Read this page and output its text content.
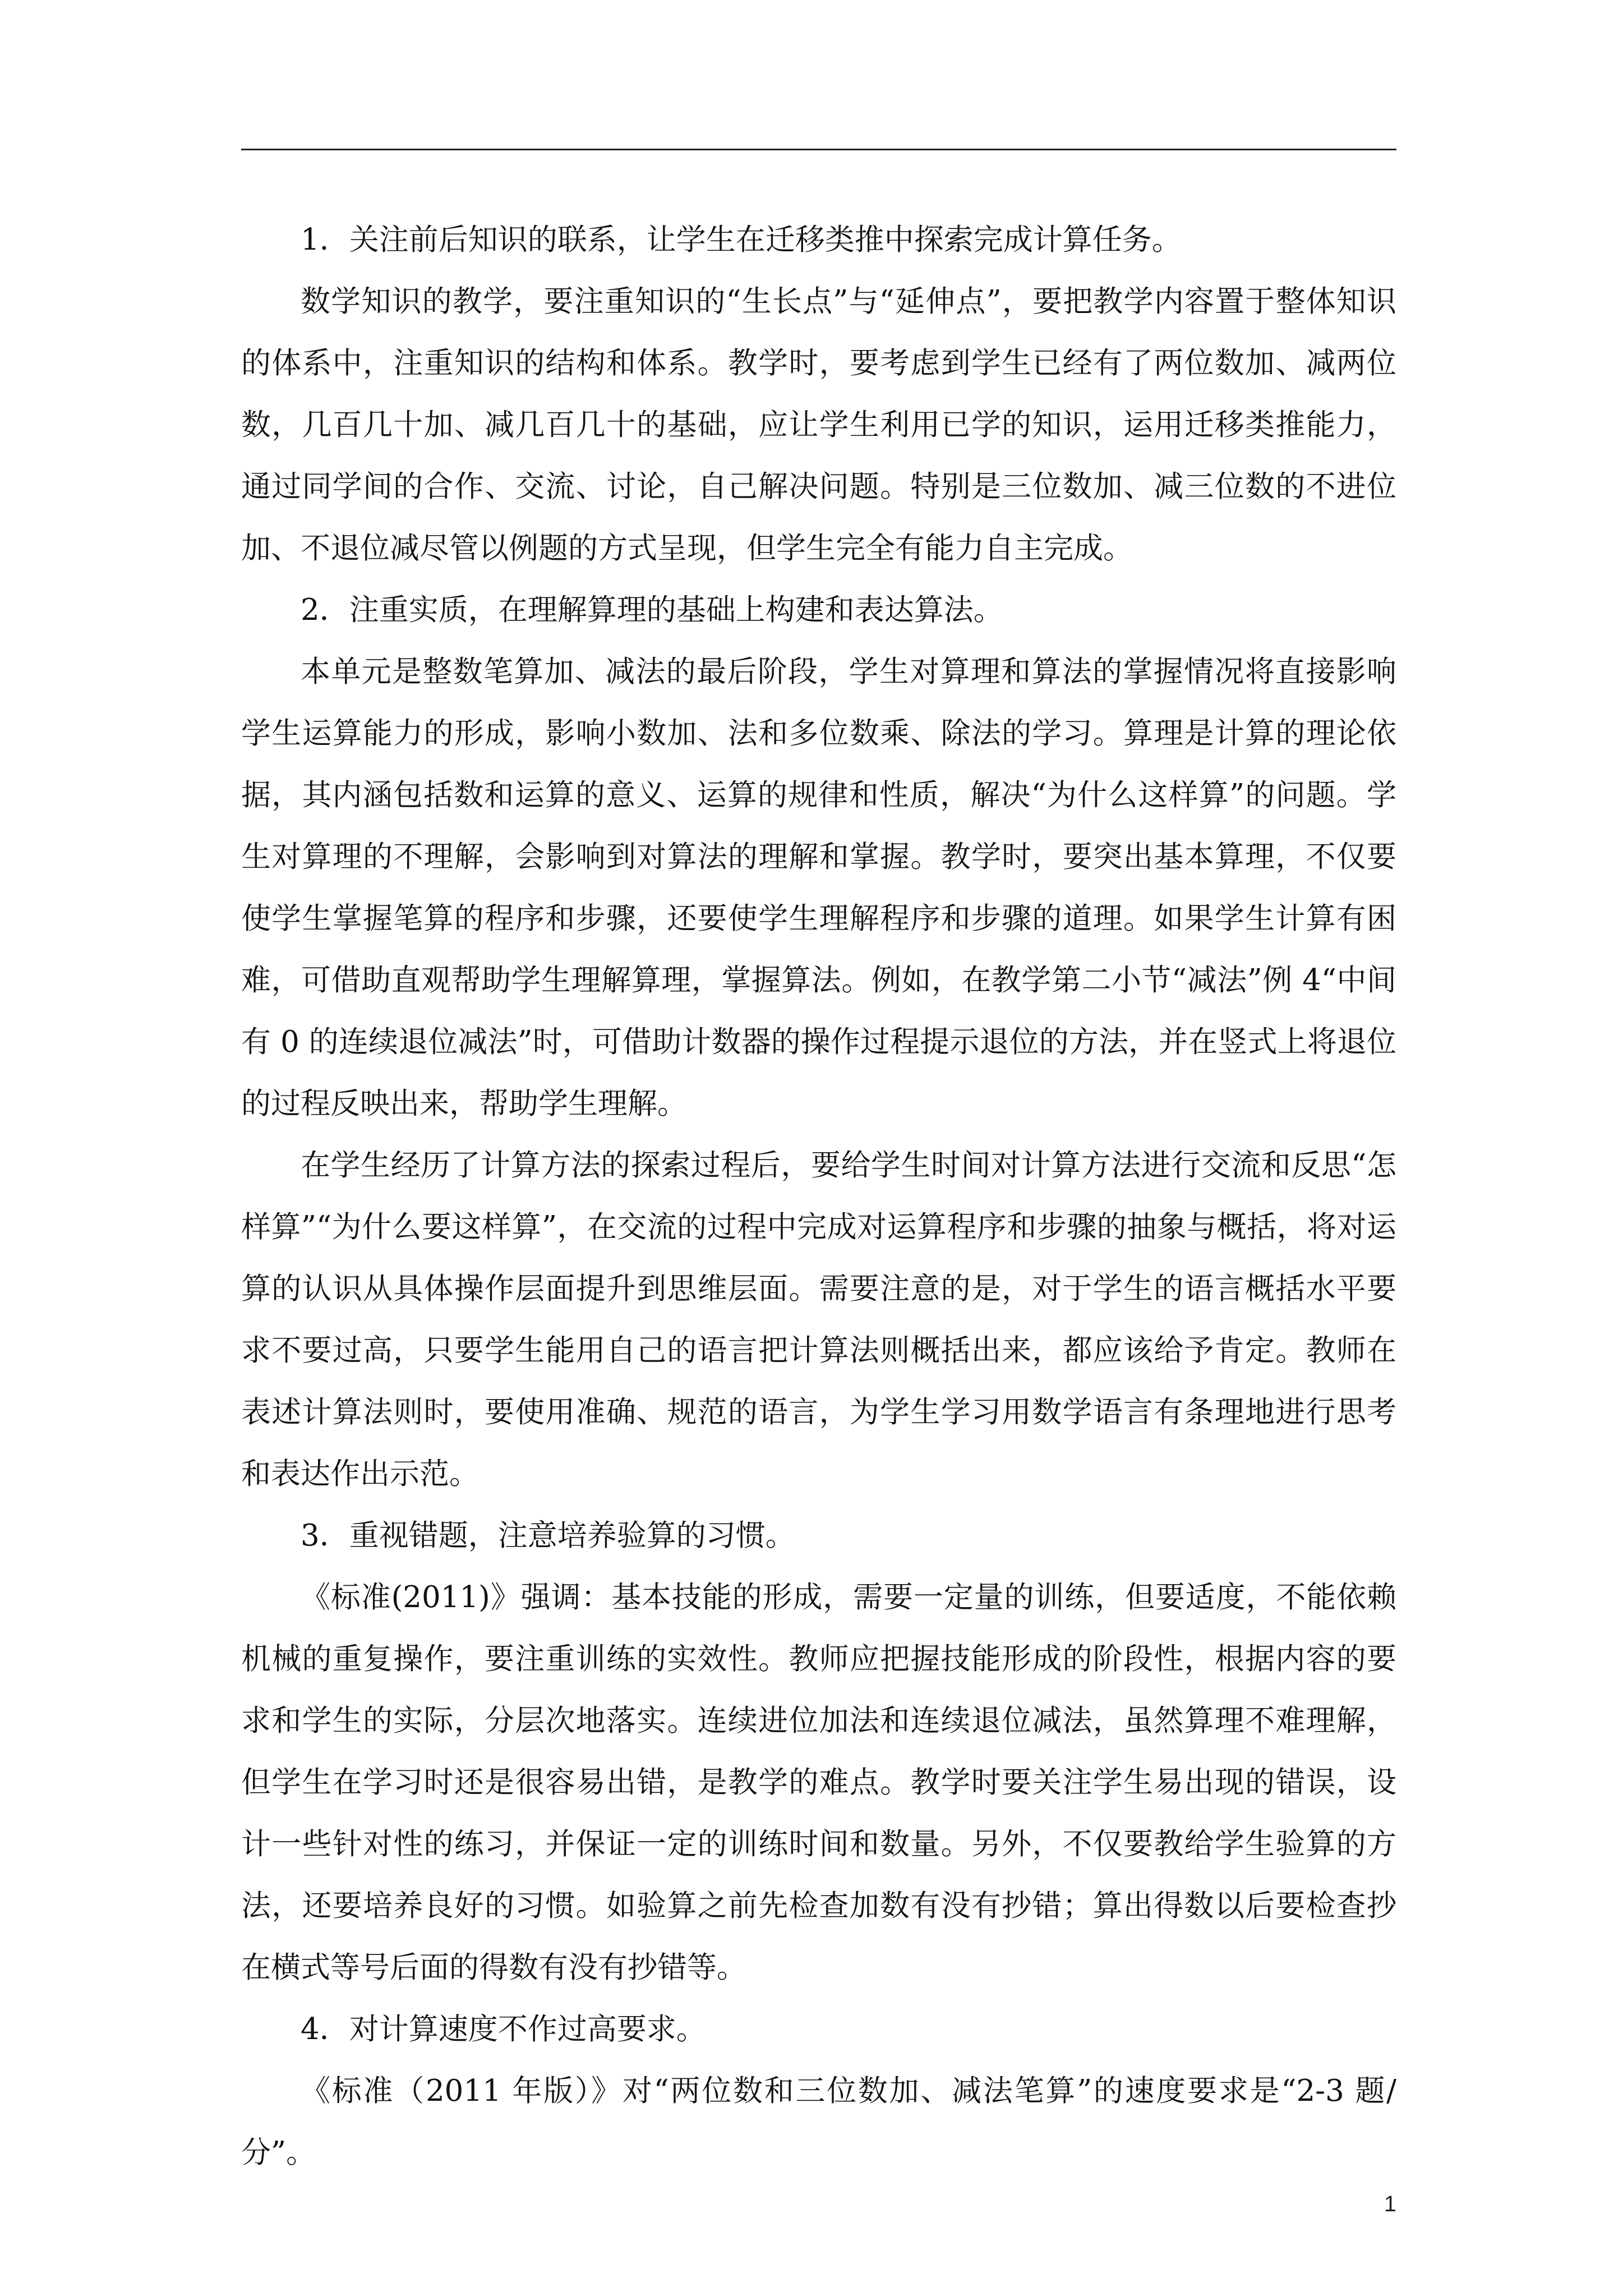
1．关注前后知识的联系，让学生在迁移类推中探索完成计算任务。

数学知识的教学，要注重知识的“生长点”与“延伸点”，要把教学内容置于整体知识的体系中，注重知识的结构和体系。教学时，要考虑到学生已经有了两位数加、减两位数，几百几十加、减几百几十的基础，应让学生利用已学的知识，运用迁移类推能力，通过同学间的合作、交流、讨论，自己解决问题。特别是三位数加、减三位数的不进位加、不退位减尽管以例题的方式呈现，但学生完全有能力自主完成。

2．注重实质，在理解算理的基础上构建和表达算法。

本单元是整数笔算加、减法的最后阶段，学生对算理和算法的掌握情况将直接影响学生运算能力的形成，影响小数加、法和多位数乘、除法的学习。算理是计算的理论依据，其内涵包括数和运算的意义、运算的规律和性质，解决“为什么这样算”的问题。学生对算理的不理解，会影响到对算法的理解和掌握。教学时，要突出基本算理，不仅要使学生掌握笔算的程序和步骤，还要使学生理解程序和步骤的道理。如果学生计算有困难，可借助直观帮助学生理解算理，掌握算法。例如，在教学第二小节“减法”例 4“中间有 0 的连续退位减法”时，可借助计数器的操作过程提示退位的方法，并在竖式上将退位的过程反映出来，帮助学生理解。

在学生经历了计算方法的探索过程后，要给学生时间对计算方法进行交流和反思“怎样算”“为什么要这样算”，在交流的过程中完成对运算程序和步骤的抽象与概括，将对运算的认识从具体操作层面提升到思维层面。需要注意的是，对于学生的语言概括水平要求不要过高，只要学生能用自己的语言把计算法则概括出来，都应该给予肯定。教师在表述计算法则时，要使用准确、规范的语言，为学生学习用数学语言有条理地进行思考和表达作出示范。

3．重视错题，注意培养验算的习惯。

《标准(2011)》强调：基本技能的形成，需要一定量的训练，但要适度，不能依赖机械的重复操作，要注重训练的实效性。教师应把握技能形成的阶段性，根据内容的要求和学生的实际，分层次地落实。连续进位加法和连续退位减法，虽然算理不难理解，但学生在学习时还是很容易出错，是教学的难点。教学时要关注学生易出现的错误，设计一些针对性的练习，并保证一定的训练时间和数量。另外，不仅要教给学生验算的方法，还要培养良好的习惯。如验算之前先检查加数有没有抄错；算出得数以后要检查抄在横式等号后面的得数有没有抄错等。

4．对计算速度不作过高要求。

《标准（2011 年版）》对“两位数和三位数加、减法笔算”的速度要求是“2-3 题/分”。

1
